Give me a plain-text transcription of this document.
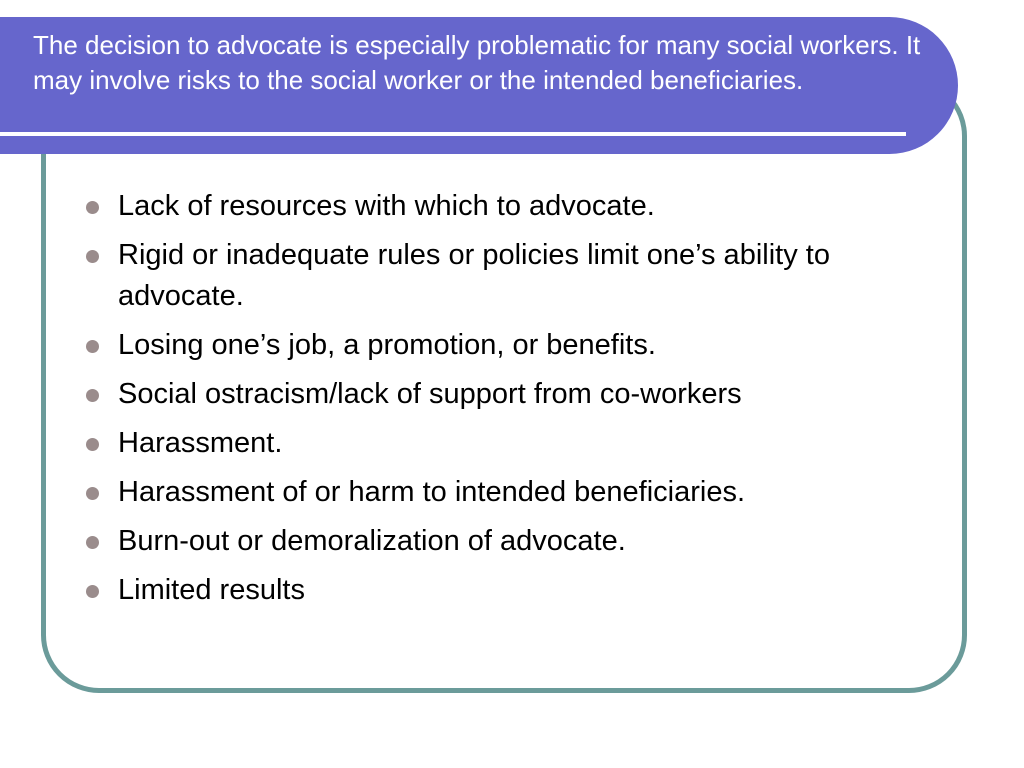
The decision to advocate is especially problematic for many social workers. It may involve risks to the social worker or the intended beneficiaries.
Lack of resources with which to advocate.
Rigid or inadequate rules or policies limit one’s ability to advocate.
Losing one’s job, a promotion, or benefits.
Social ostracism/lack of support from co-workers
Harassment.
Harassment of or harm to intended beneficiaries.
Burn-out or demoralization of advocate.
Limited results
